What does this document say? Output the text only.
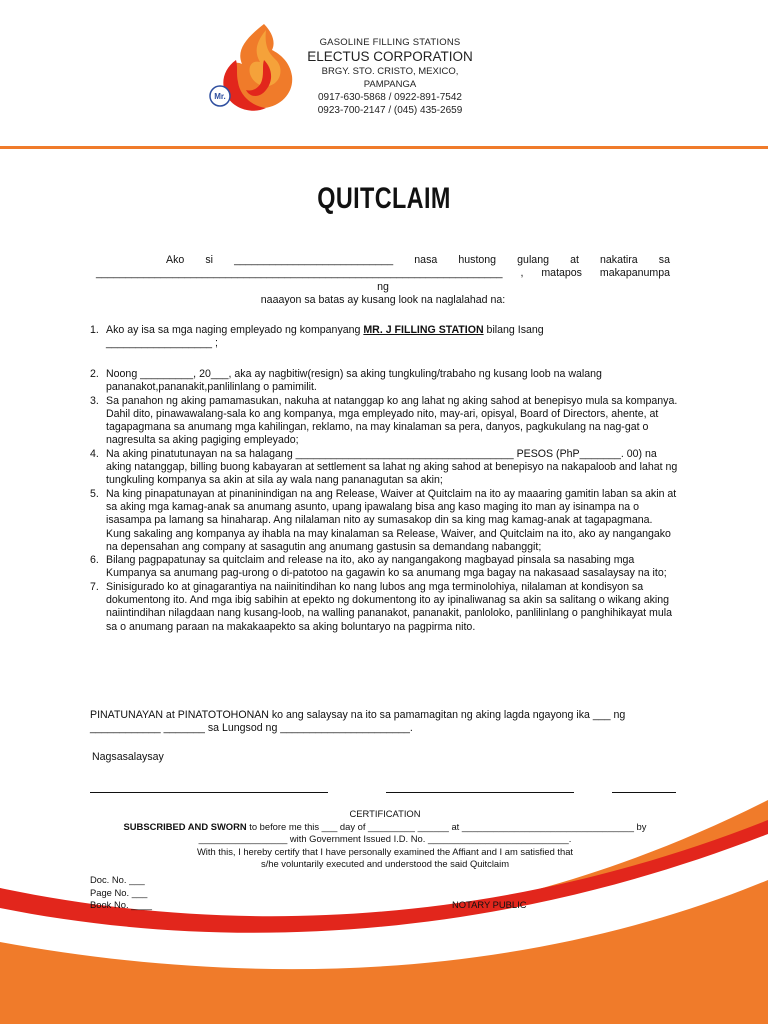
Mr.
GASOLINE FILLING STATIONS
ELECTUS CORPORATION
BRGY. STO. CRISTO, MEXICO, PAMPANGA
0917-630-5868 / 0922-891-7542
0923-700-2147 / (045) 435-2659
QUITCLAIM
Ako si ___________________________ nasa hustong gulang at nakatira sa
_____________________________________________________________________ , matapos makapanumpa
ng
naaayon sa batas ay kusang look na naglalahad na:
1. Ako ay isa sa mga naging empleyado ng kompanyang MR. J FILLING STATION bilang Isang
__________________ ;
2. Noong _________, 20___, aka ay nagbitiw(resign) sa aking tungkuling/trabaho ng kusang loob na walang pananakot,pananakit,panlilinlang o pamimilit.
3. Sa panahon ng aking pamamasukan, nakuha at natanggap ko ang lahat ng aking sahod at benepisyo mula sa kompanya. Dahil dito, pinawawalang-sala ko ang kompanya, mga empleyado nito, may-ari, opisyal, Board of Directors, ahente, at tagapagmana sa anumang mga kahilingan, reklamo, na may kinalaman sa pera, danyos, pagkukulang na nag-gat o nagresulta sa aking pagiging empleyado;
4. Na aking pinatutunayan na sa halagang _____________________________________ PESOS (PhP_______. 00) na aking natanggap, billing buong kabayaran at settlement sa lahat ng aking sahod at benepisyo na nakapaloob and lahat ng tungkuling kompanya sa akin at sila ay wala nang pananagutan sa akin;
5. Na king pinapatunayan at pinaninindigan na ang Release, Waiver at Quitclaim na ito ay maaaring gamitin laban sa akin at sa aking mga kamag-anak sa anumang asunto, upang ipawalang bisa ang kaso maging ito man ay isinampa na o isasampa pa lamang sa hinaharap. Ang nilalaman nito ay sumasakop din sa king mag kamag-anak at tagapagmana. Kung sakaling ang kompanya ay ihabla na may kinalaman sa Release, Waiver, and Quitclaim na ito, ako ay nangangako na depensahan ang company at sasagutin ang anumang gastusin sa demandang nabanggit;
6. Bilang pagpapatunay sa quitclaim and release na ito, ako ay nangangakong magbayad pinsala sa nasabing mga Kumpanya sa anumang pag-urong o di-patotoo na gagawin ko sa anumang mga bagay na nakasaad sasalaysay na ito;
7. Sinisigurado ko at ginagarantiya na naiinitindihan ko nang lubos ang mga terminolohiya, nilalaman at kondisyon sa dokumentong ito. And mga ibig sabihin at epekto ng dokumentong ito ay ipinaliwanag sa akin sa salitang o wikang aking naiintindihan nilagdaan nang kusang-loob, na walling pananakot, pananakit, panloloko, panlilinlang o panghihikayat mula sa o anumang paraan na makakaapekto sa aking boluntaryo na pagpirma nito.
PINATUNAYAN at PINATOTOHONAN ko ang salaysay na ito sa pamamagitan ng aking lagda ngayong ika ___ ng
____________ _______ sa Lungsod ng ______________________.
Nagsasalaysay
CERTIFICATION
SUBSCRIBED AND SWORN to before me this ___ day of _________ ______ at _________________________________ by
_________________ with Government Issued I.D. No. ___________________________.
With this, I hereby certify that I have personally examined the Affiant and I am satisfied that
s/he voluntarily executed and understood the said Quitclaim
Doc. No. ___
Page No. ___
Book No. ____	NOTARY PUBLIC
